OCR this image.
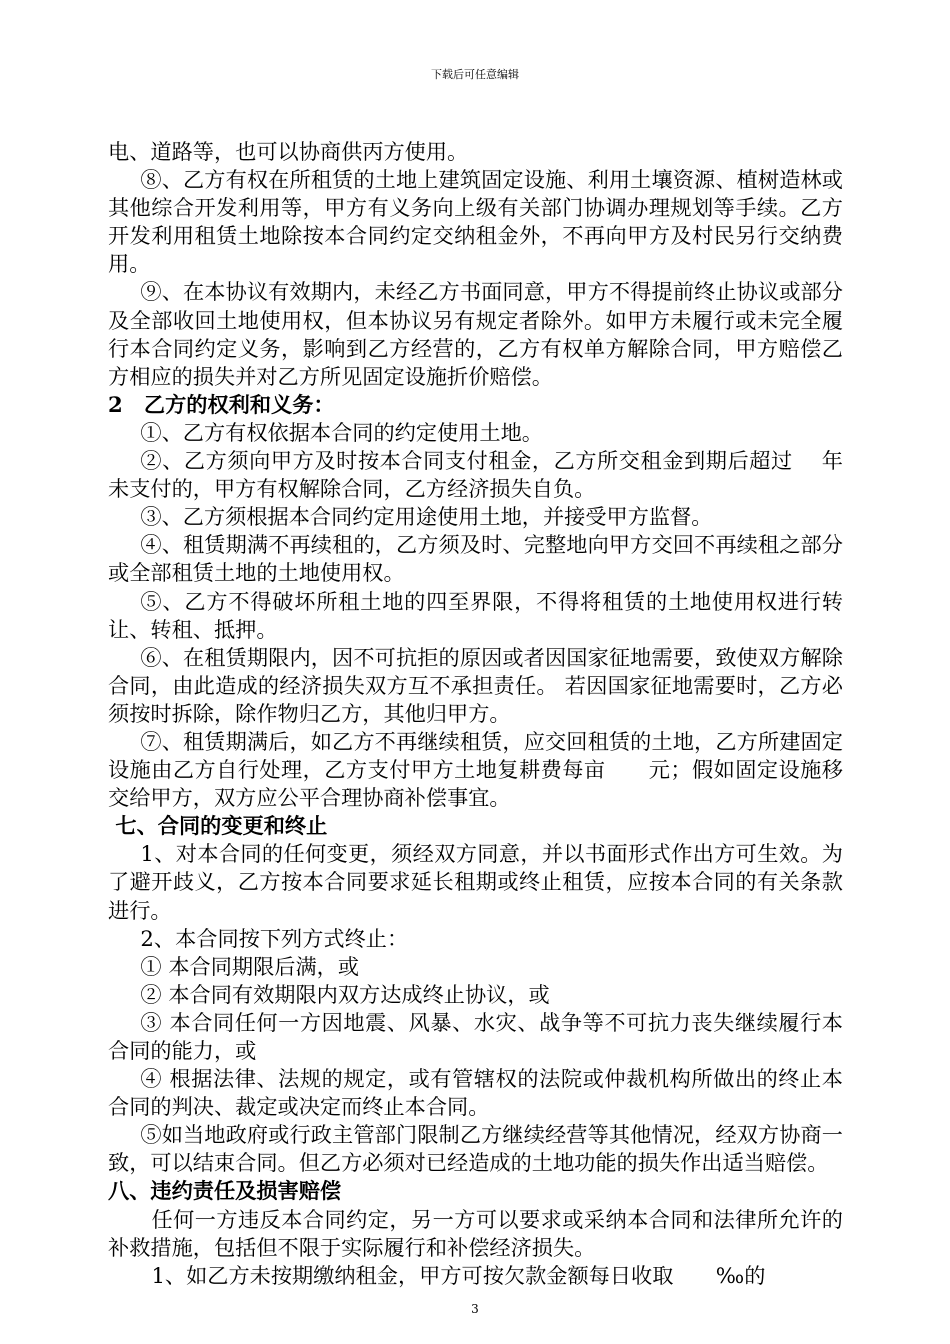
下载后可任意编辑

电、道路等，也可以协商供丙方使用。

⑧、乙方有权在所租赁的土地上建筑固定设施、利用土壤资源、植树造林或其他综合开发利用等，甲方有义务向上级有关部门协调办理规划等手续。乙方开发利用租赁土地除按本合同约定交纳租金外，不再向甲方及村民另行交纳费用。

⑨、在本协议有效期内，未经乙方书面同意，甲方不得提前终止协议或部分及全部收回土地使用权，但本协议另有规定者除外。如甲方未履行或未完全履行本合同约定义务，影响到乙方经营的，乙方有权单方解除合同，甲方赔偿乙方相应的损失并对乙方所见固定设施折价赔偿。

2　乙方的权利和义务：

①、乙方有权依据本合同的约定使用土地。

②、乙方须向甲方及时按本合同支付租金，乙方所交租金到期后超过　 年未支付的，甲方有权解除合同，乙方经济损失自负。

③、乙方须根据本合同约定用途使用土地，并接受甲方监督。

④、租赁期满不再续租的，乙方须及时、完整地向甲方交回不再续租之部分或全部租赁土地的土地使用权。

⑤、乙方不得破坏所租土地的四至界限，不得将租赁的土地使用权进行转让、转租、抵押。

⑥、在租赁期限内，因不可抗拒的原因或者因国家征地需要，致使双方解除合同，由此造成的经济损失双方互不承担责任。 若因国家征地需要时，乙方必须按时拆除，除作物归乙方，其他归甲方。

⑦、租赁期满后，如乙方不再继续租赁，应交回租赁的土地，乙方所建固定设施由乙方自行处理，乙方支付甲方土地复耕费每亩　　元；假如固定设施移交给甲方，双方应公平合理协商补偿事宜。

七、合同的变更和终止

1、对本合同的任何变更，须经双方同意，并以书面形式作出方可生效。为了避开歧义，乙方按本合同要求延长租期或终止租赁，应按本合同的有关条款进行。

2、本合同按下列方式终止：

① 本合同期限后满，或

② 本合同有效期限内双方达成终止协议，或

③ 本合同任何一方因地震、风暴、水灾、战争等不可抗力丧失继续履行本合同的能力，或

④ 根据法律、法规的规定，或有管辖权的法院或仲裁机构所做出的终止本合同的判决、裁定或决定而终止本合同。

⑤如当地政府或行政主管部门限制乙方继续经营等其他情况，经双方协商一致，可以结束合同。但乙方必须对已经造成的土地功能的损失作出适当赔偿。

八、违约责任及损害赔偿

任何一方违反本合同约定，另一方可以要求或采纳本合同和法律所允许的补救措施，包括但不限于实际履行和补偿经济损失。

1、如乙方未按期缴纳租金，甲方可按欠款金额每日收取　　‰的

3
